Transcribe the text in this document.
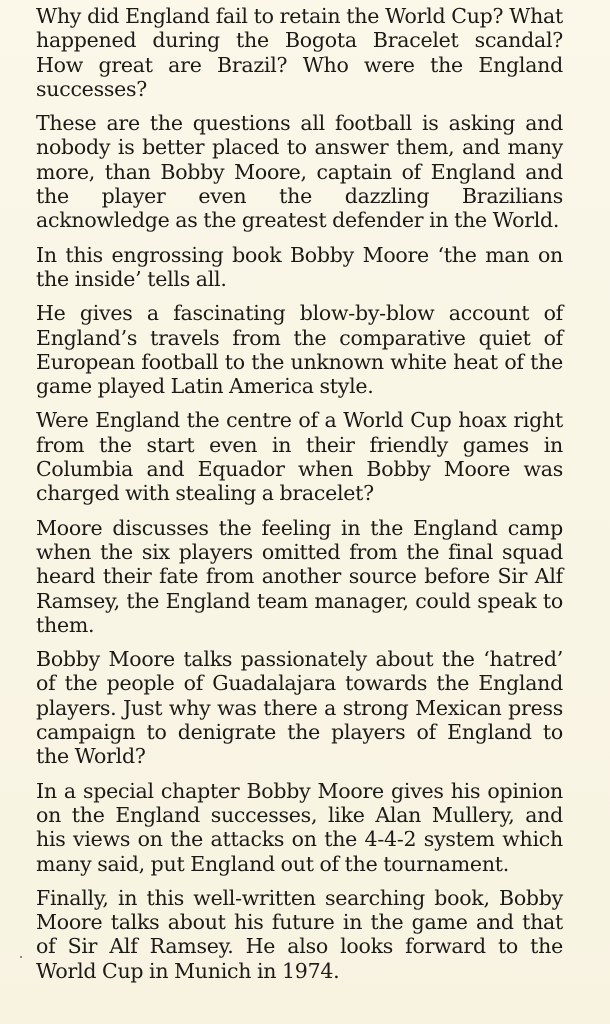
Why did England fail to retain the World Cup? What happened during the Bogota Bracelet scandal? How great are Brazil? Who were the England successes?

These are the questions all football is asking and nobody is better placed to answer them, and many more, than Bobby Moore, captain of England and the player even the dazzling Brazilians acknowledge as the greatest defender in the World.

In this engrossing book Bobby Moore ‘the man on the inside’ tells all.

He gives a fascinating blow-by-blow account of England’s travels from the comparative quiet of European football to the unknown white heat of the game played Latin America style.

Were England the centre of a World Cup hoax right from the start even in their friendly games in Columbia and Equador when Bobby Moore was charged with stealing a bracelet?

Moore discusses the feeling in the England camp when the six players omitted from the final squad heard their fate from another source before Sir Alf Ramsey, the England team manager, could speak to them.

Bobby Moore talks passionately about the ‘hatred’ of the people of Guadalajara towards the England players. Just why was there a strong Mexican press campaign to denigrate the players of England to the World?

In a special chapter Bobby Moore gives his opinion on the England successes, like Alan Mullery, and his views on the attacks on the 4-4-2 system which many said, put England out of the tournament.

Finally, in this well-written searching book, Bobby Moore talks about his future in the game and that of Sir Alf Ramsey. He also looks forward to the World Cup in Munich in 1974.
